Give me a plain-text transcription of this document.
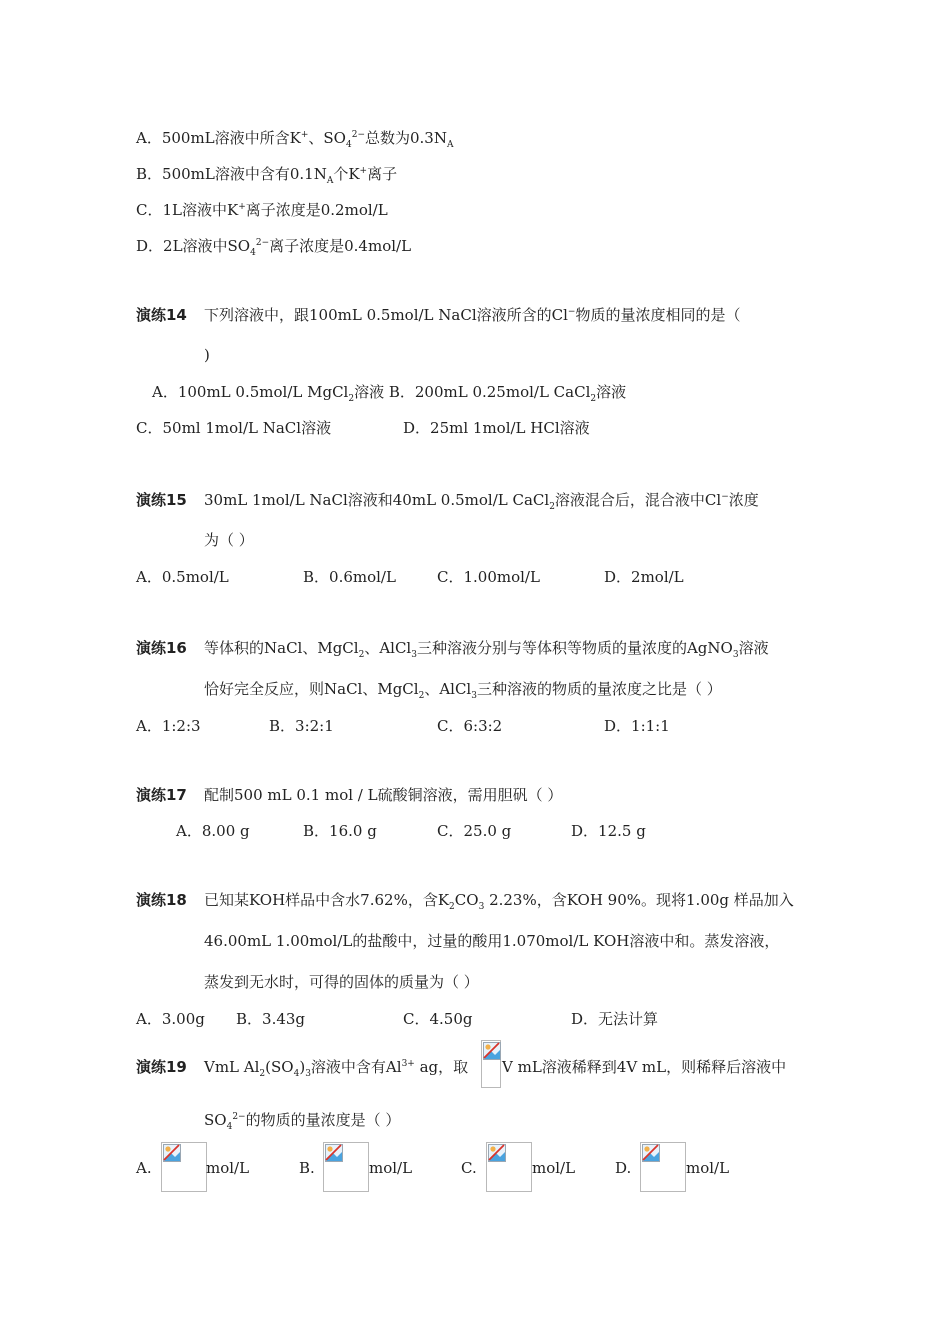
A．500mL溶液中所含K+、$SO_4^{2-}$总数为$0.3N_A$
B．500mL溶液中含有$0.1N_A$个K+离子
C．1L溶液中K+离子浓度是0.2mol/L
D．2L溶液中$SO_4^{2-}$离子浓度是0.4mol/L
演练14 下列溶液中，跟100mL 0.5mol/L NaCl溶液所含的Cl−物质的量浓度相同的是（
)
A．100mL 0.5mol/L MgCl$_2$溶液 B．200mL 0.25mol/L CaCl$_2$溶液
C．50ml 1mol/L NaCl溶液	D．25ml 1mol/L HCl溶液
演练15 30mL 1mol/L NaCl溶液和40mL 0.5mol/L CaCl$_2$溶液混合后，混合液中Cl−浓度
为（ ）
A．0.5mol/L	B．0.6mol/L	C．1.00mol/L	D．2mol/L
演练16 等体积的NaCl、MgCl$_2$、AlCl$_3$三种溶液分别与等体积等物质的量浓度的AgNO$_3$溶液
恰好完全反应，则NaCl、MgCl$_2$、AlCl$_3$三种溶液的物质的量浓度之比是（ ）
A．1:2:3	B．3:2:1	C．6:3:2	D．1:1:1
演练17 配制500 mL 0.1 mol / L硫酸铜溶液，需用胆矾（ ）
A．8.00 g	B．16.0 g	C．25.0 g	D．12.5 g
演练18 已知某KOH样品中含水7.62%，含$K_2CO_3$ 2.23%，含KOH 90%。现将1.00g 样品加入
46.00mL 1.00mol/L的盐酸中，过量的酸用1.070mol/L KOH溶液中和。蒸发溶液，
蒸发到无水时，可得的固体的质量为（ ）
A．3.00g B．3.43g	C．4.50g	D．无法计算
演练19 VmL $Al_2(SO_4)_3$溶液中含有$Al^{3+}$ ag，取 V mL溶液稀释到4V mL，则稀释后溶液中
$SO_4^{2-}$的物质的量浓度是（ ）
A.	mol/L	B.	mol/L	C.	mol/L	D.	mol/L
